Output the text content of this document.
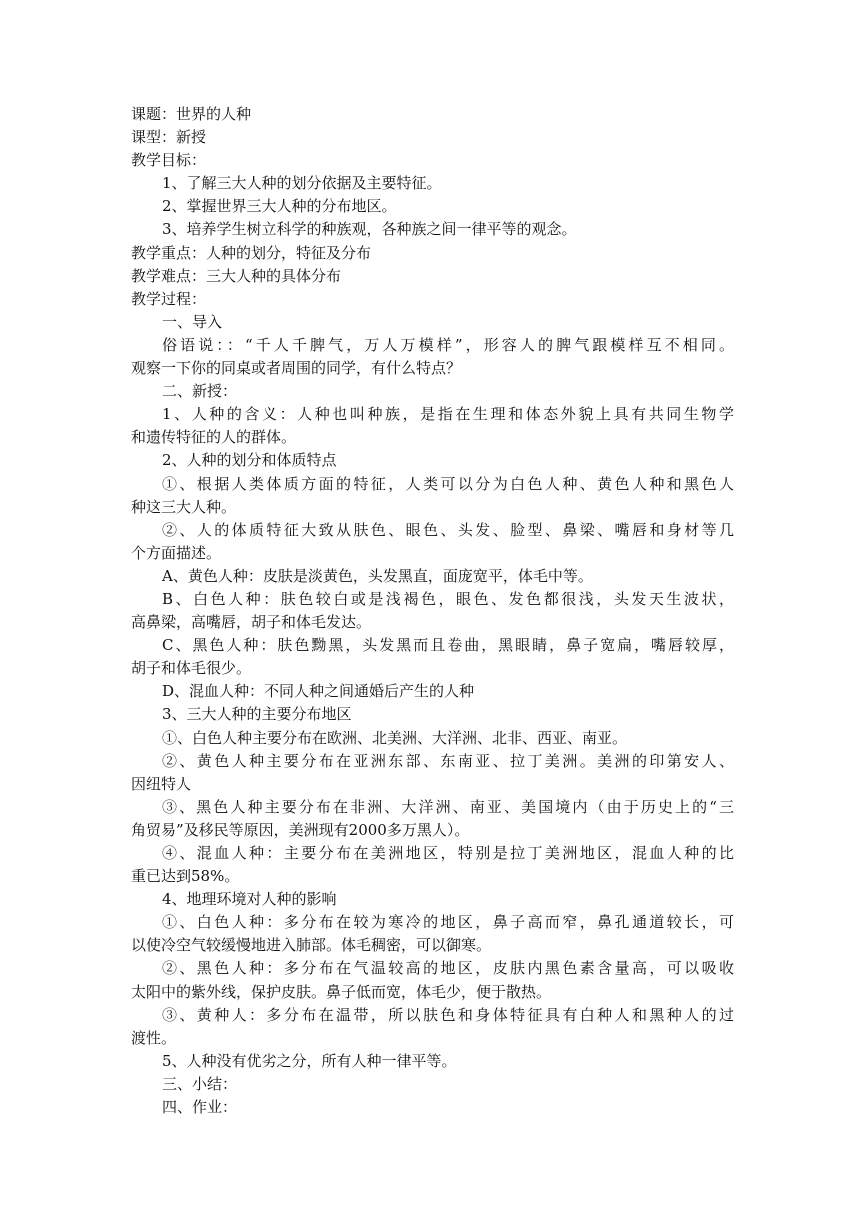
课题：世界的人种
课型：新授
教学目标：
1、了解三大人种的划分依据及主要特征。
2、掌握世界三大人种的分布地区。
3、培养学生树立科学的种族观，各种族之间一律平等的观念。
教学重点：人种的划分，特征及分布
教学难点：三大人种的具体分布
教学过程：
一、导入
俗语说：：“千人千脾气，万人万模样”，形容人的脾气跟模样互不相同。
观察一下你的同桌或者周围的同学，有什么特点？
二、新授：
1、人种的含义：人种也叫种族，是指在生理和体态外貌上具有共同生物学
和遗传特征的人的群体。
2、人种的划分和体质特点
①、根据人类体质方面的特征，人类可以分为白色人种、黄色人种和黑色人
种这三大人种。
②、人的体质特征大致从肤色、眼色、头发、脸型、鼻梁、嘴唇和身材等几
个方面描述。
A、黄色人种：皮肤是淡黄色，头发黑直，面庞宽平，体毛中等。
B、白色人种：肤色较白或是浅褐色，眼色、发色都很浅，头发天生波状，
高鼻梁，高嘴唇，胡子和体毛发达。
C、黑色人种：肤色黝黑，头发黑而且卷曲，黑眼睛，鼻子宽扁，嘴唇较厚，
胡子和体毛很少。
D、混血人种：不同人种之间通婚后产生的人种
3、三大人种的主要分布地区
①、白色人种主要分布在欧洲、北美洲、大洋洲、北非、西亚、南亚。
②、黄色人种主要分布在亚洲东部、东南亚、拉丁美洲。美洲的印第安人、
因纽特人
③、黑色人种主要分布在非洲、大洋洲、南亚、美国境内（由于历史上的“三
角贸易”及移民等原因，美洲现有2000多万黑人）。
④、混血人种：主要分布在美洲地区，特别是拉丁美洲地区，混血人种的比
重已达到58%。
4、地理环境对人种的影响
①、白色人种：多分布在较为寒冷的地区，鼻子高而窄，鼻孔通道较长，可
以使冷空气较缓慢地进入肺部。体毛稠密，可以御寒。
②、黑色人种：多分布在气温较高的地区，皮肤内黑色素含量高，可以吸收
太阳中的紫外线，保护皮肤。鼻子低而宽，体毛少，便于散热。
③、黄种人：多分布在温带，所以肤色和身体特征具有白种人和黑种人的过
渡性。
5、人种没有优劣之分，所有人种一律平等。
三、小结：
四、作业：
